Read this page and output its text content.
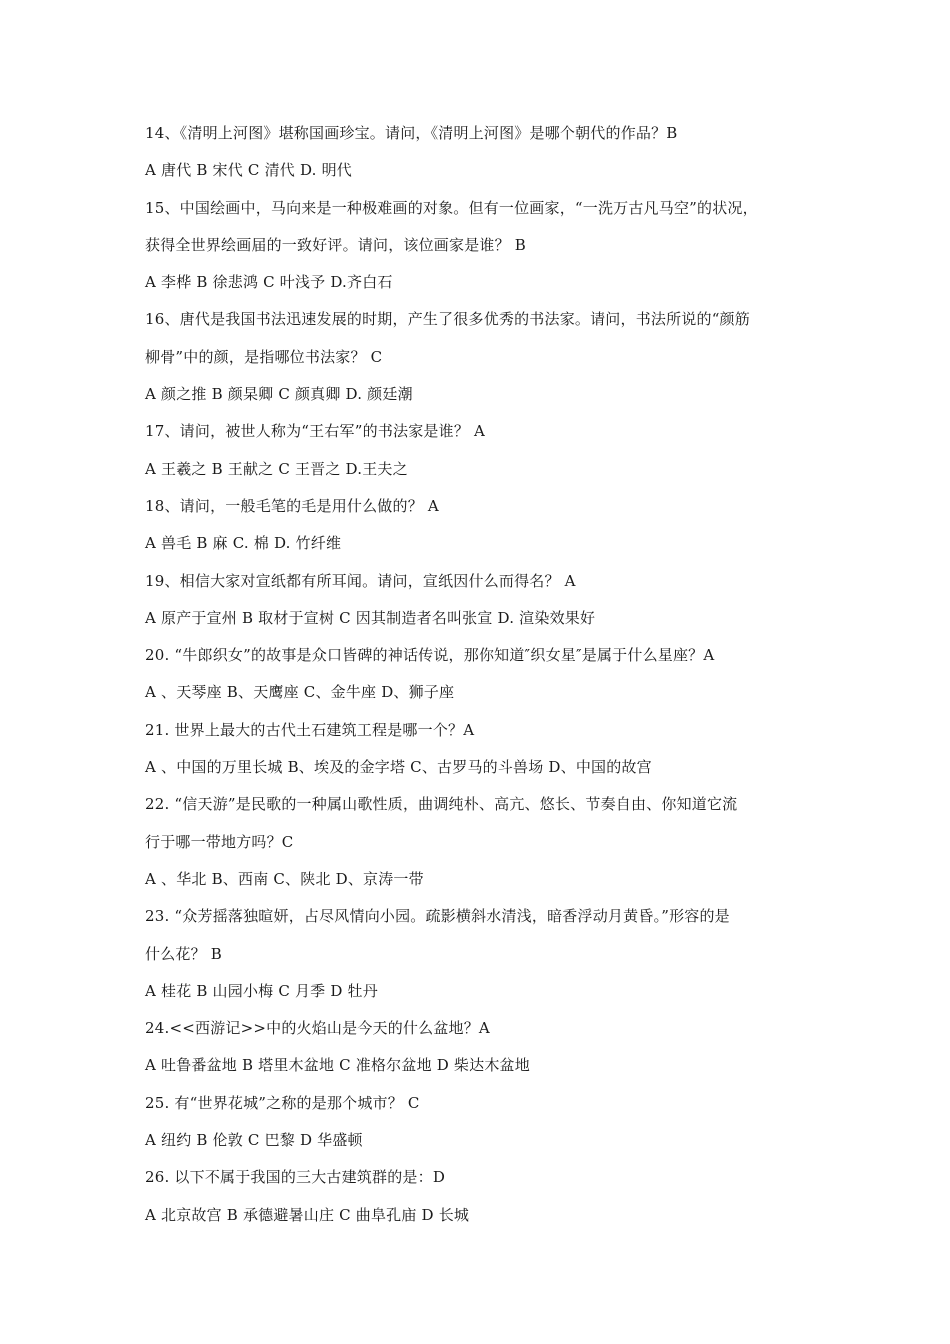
14、《清明上河图》堪称国画珍宝。请问，《清明上河图》是哪个朝代的作品？B
A 唐代 B 宋代 C 清代 D. 明代
15、中国绘画中，马向来是一种极难画的对象。但有一位画家，“一洗万古凡马空”的状况，
获得全世界绘画届的一致好评。请问，该位画家是谁？ B
A 李桦 B 徐悲鸿 C 叶浅予 D.齐白石
16、唐代是我国书法迅速发展的时期，产生了很多优秀的书法家。请问，书法所说的“颜筋
柳骨”中的颜，是指哪位书法家？ C
A 颜之推 B 颜杲卿 C 颜真卿 D. 颜廷潮
17、请问，被世人称为“王右军”的书法家是谁？ A
A 王羲之 B 王献之 C 王晋之 D.王夫之
18、请问，一般毛笔的毛是用什么做的？ A
A 兽毛 B 麻 C. 棉 D. 竹纤维
19、相信大家对宣纸都有所耳闻。请问，宣纸因什么而得名？ A
A 原产于宣州 B 取材于宣树 C 因其制造者名叫张宣 D. 渲染效果好
20. “牛郎织女”的故事是众口皆碑的神话传说，那你知道″织女星″是属于什么星座？A
A 、天琴座 B、天鹰座 C、金牛座 D、狮子座
21. 世界上最大的古代土石建筑工程是哪一个？A
A 、中国的万里长城 B、埃及的金字塔 C、古罗马的斗兽场 D、中国的故宫
22. “信天游”是民歌的一种属山歌性质，曲调纯朴、高亢、悠长、节奏自由、你知道它流
行于哪一带地方吗？C
A 、华北 B、西南 C、陕北 D、京涛一带
23. “众芳摇落独暄妍，占尽风情向小园。疏影横斜水清浅，暗香浮动月黄昏。”形容的是
什么花？ B
A 桂花 B 山园小梅 C 月季 D 牡丹
24.<<西游记>>中的火焰山是今天的什么盆地？A
A 吐鲁番盆地 B 塔里木盆地 C 准格尔盆地 D 柴达木盆地
25. 有“世界花城”之称的是那个城市？ C
A 纽约 B 伦敦 C 巴黎 D 华盛顿
26. 以下不属于我国的三大古建筑群的是：D
A 北京故宫 B 承德避暑山庄 C 曲阜孔庙 D 长城
